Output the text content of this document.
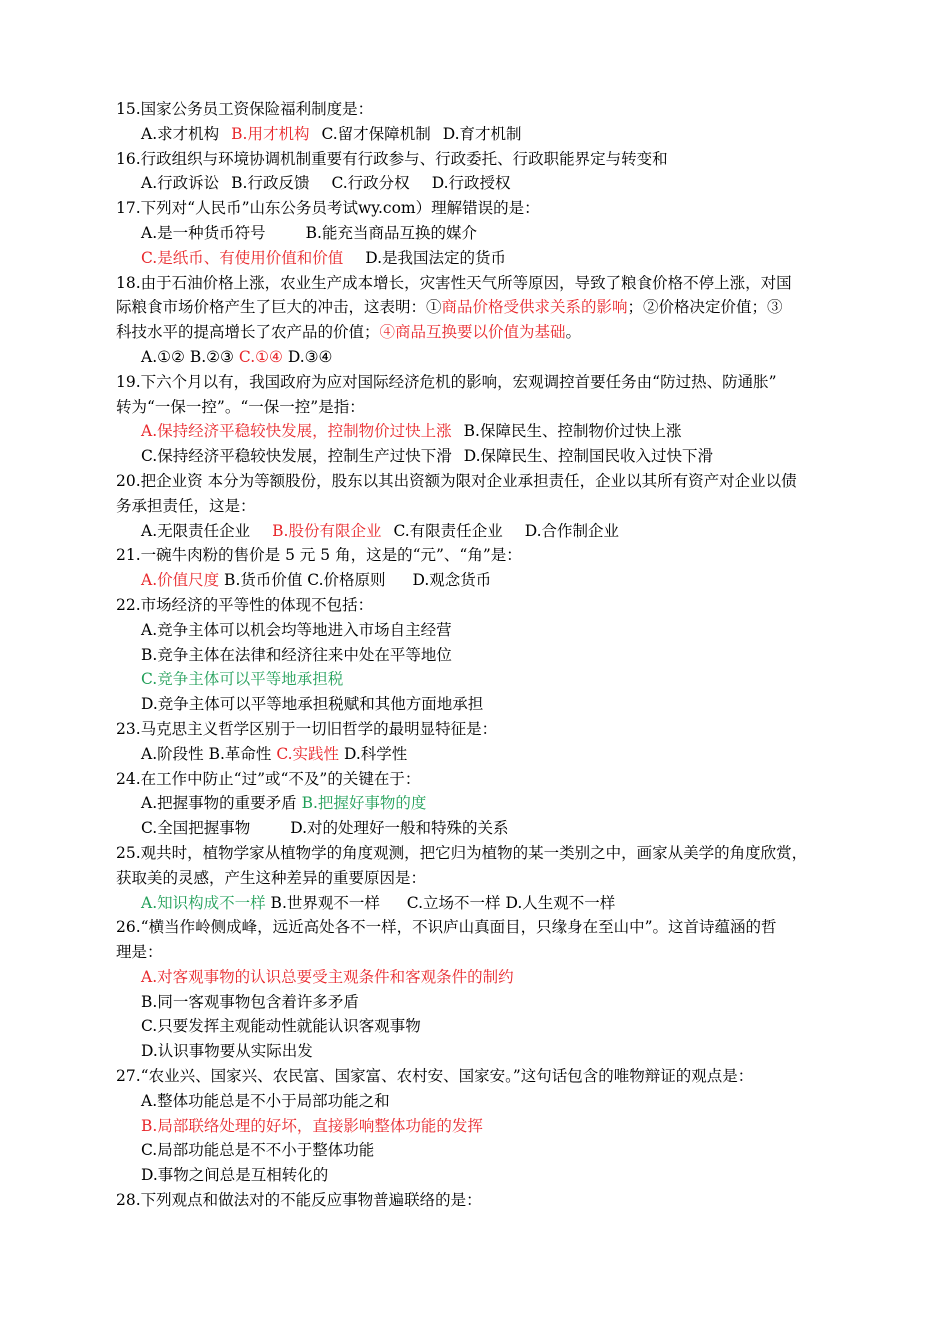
15.国家公务员工资保险福利制度是：
A.求才机构 B.用才机构 C.留才保障机制 D.育才机制
16.行政组织与环境协调机制重要有行政参与、行政委托、行政职能界定与转变和
A.行政诉讼 B.行政反馈 C.行政分权 D.行政授权
17.下列对“人民币”山东公务员考试wy.com）理解错误的是：
A.是一种货币符号	B.能充当商品互换的媒介
C.是纸币、有使用价值和价值 D.是我国法定的货币
18.由于石油价格上涨，农业生产成本增长，灾害性天气所等原因，导致了粮食价格不停上涨，对国
际粮食市场价格产生了巨大的冲击，这表明：①商品价格受供求关系的影响；②价格决定价值；③
科技水平的提高增长了农产品的价值；④商品互换要以价值为基础。
A.①② B.②③ C.①④ D.③④
19.下六个月以有，我国政府为应对国际经济危机的影响，宏观调控首要任务由“防过热、防通胀”
转为“一保一控”。“一保一控”是指：
A.保持经济平稳较快发展，控制物价过快上涨 B.保障民生、控制物价过快上涨
C.保持经济平稳较快发展，控制生产过快下滑 D.保障民生、控制国民收入过快下滑
20.把企业资 本分为等额股份，股东以其出资额为限对企业承担责任，企业以其所有资产对企业以债
务承担责任，这是：
A.无限责任企业 B.股份有限企业 C.有限责任企业 D.合作制企业
21.一碗牛肉粉的售价是 5 元 5 角，这是的“元”、“角”是：
A.价值尺度 B.货币价值 C.价格原则 D.观念货币
22.市场经济的平等性的体现不包括：
A.竞争主体可以机会均等地进入市场自主经营
B.竞争主体在法律和经济往来中处在平等地位
C.竞争主体可以平等地承担税
D.竞争主体可以平等地承担税赋和其他方面地承担
23.马克思主义哲学区别于一切旧哲学的最明显特征是：
A.阶段性 B.革命性 C.实践性 D.科学性
24.在工作中防止“过”或“不及”的关键在于：
A.把握事物的重要矛盾 B.把握好事物的度
C.全国把握事物	D.对的处理好一般和特殊的关系
25.观共时，植物学家从植物学的角度观测，把它归为植物的某一类别之中，画家从美学的角度欣赏，
获取美的灵感，产生这种差异的重要原因是：
A.知识构成不一样 B.世界观不一样 C.立场不一样 D.人生观不一样
26.“横当作岭侧成峰，远近高处各不一样，不识庐山真面目，只缘身在至山中”。这首诗蕴涵的哲
理是：
A.对客观事物的认识总要受主观条件和客观条件的制约
B.同一客观事物包含着许多矛盾
C.只要发挥主观能动性就能认识客观事物
D.认识事物要从实际出发
27.“农业兴、国家兴、农民富、国家富、农村安、国家安。”这句话包含的唯物辩证的观点是：
A.整体功能总是不小于局部功能之和
B.局部联络处理的好坏，直接影响整体功能的发挥
C.局部功能总是不不小于整体功能
D.事物之间总是互相转化的
28.下列观点和做法对的不能反应事物普遍联络的是：
